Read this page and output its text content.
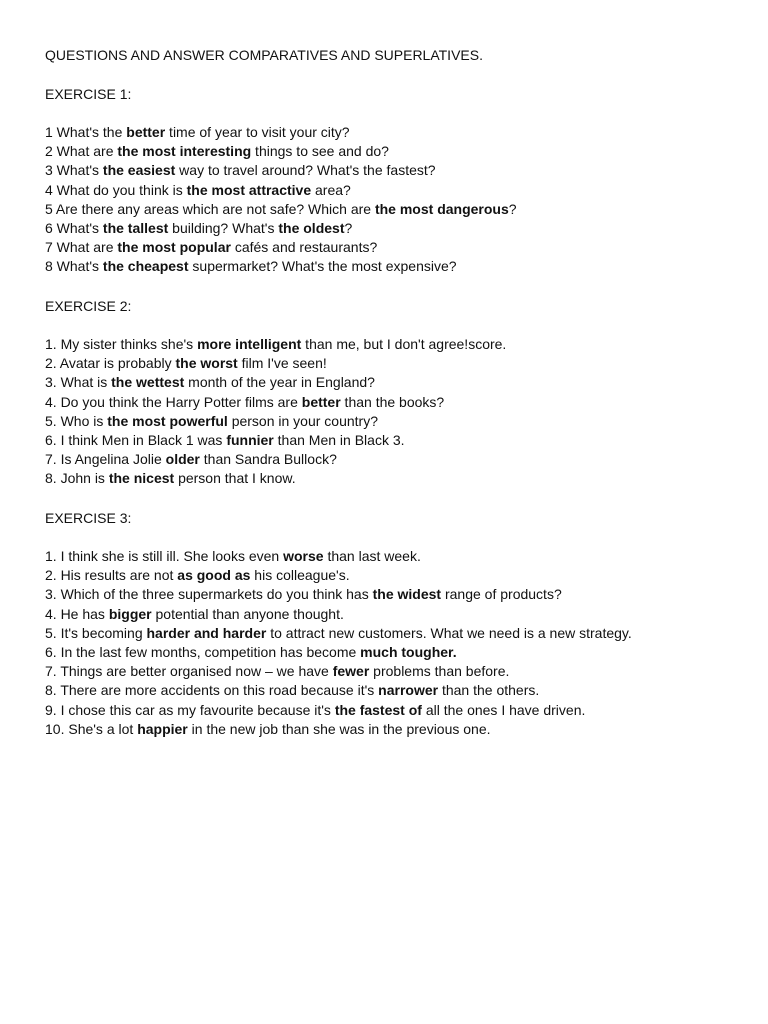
QUESTIONS AND ANSWER COMPARATIVES AND SUPERLATIVES.
EXERCISE 1:
1 What's the better time of year to visit your city?
2 What are the most interesting things to see and do?
3 What's the easiest way to travel around? What's the fastest?
4 What do you think is the most attractive area?
5 Are there any areas which are not safe? Which are the most dangerous?
6 What's the tallest building? What's the oldest?
7 What are the most popular cafés and restaurants?
8 What's the cheapest supermarket? What's the most expensive?
EXERCISE 2:
1. My sister thinks she's more intelligent than me, but I don't agree!score.
2. Avatar is probably the worst film I've seen!
3. What is the wettest month of the year in England?
4. Do you think the Harry Potter films are better than the books?
5. Who is the most powerful person in your country?
6. I think Men in Black 1 was funnier than Men in Black 3.
7. Is Angelina Jolie older than Sandra Bullock?
8. John is the nicest person that I know.
EXERCISE 3:
1. I think she is still ill. She looks even worse than last week.
2. His results are not as good as his colleague's.
3. Which of the three supermarkets do you think has the widest range of products?
4. He has bigger potential than anyone thought.
5. It's becoming harder and harder to attract new customers. What we need is a new strategy.
6. In the last few months, competition has become much tougher.
7. Things are better organised now – we have fewer problems than before.
8. There are more accidents on this road because it's narrower than the others.
9. I chose this car as my favourite because it's the fastest of all the ones I have driven.
10. She's a lot happier in the new job than she was in the previous one.
